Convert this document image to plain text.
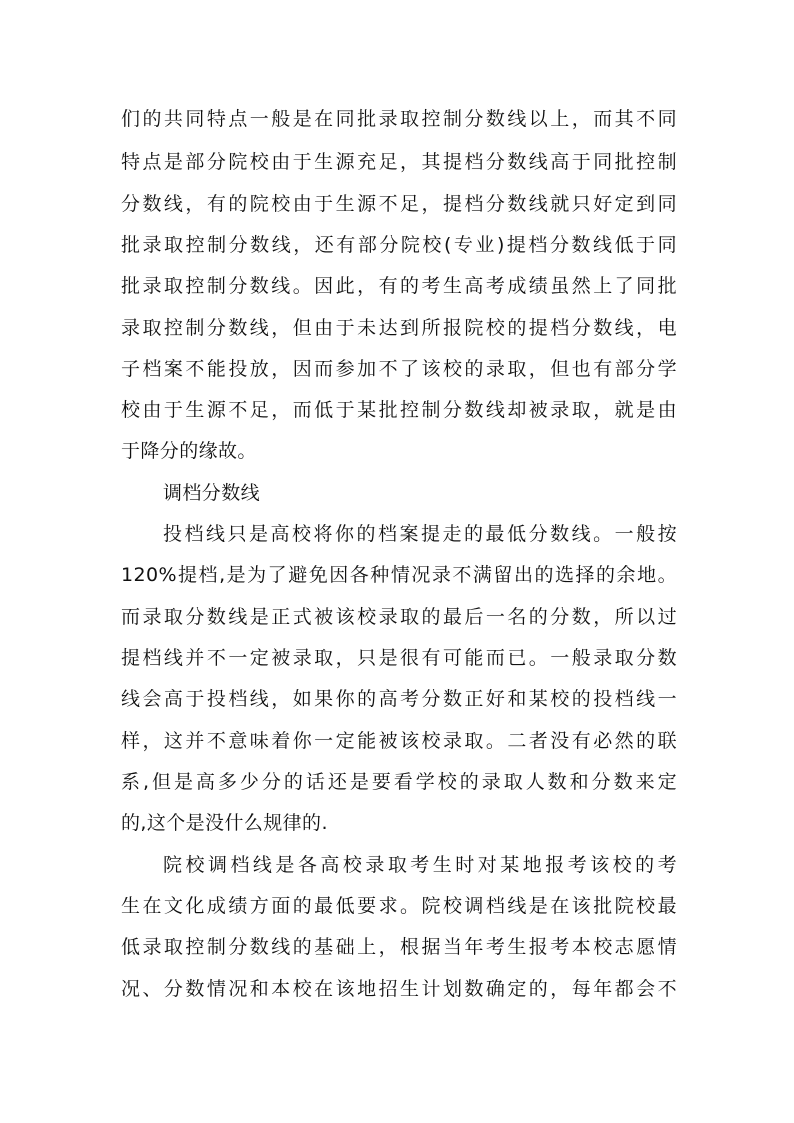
们的共同特点一般是在同批录取控制分数线以上，而其不同
特点是部分院校由于生源充足，其提档分数线高于同批控制
分数线，有的院校由于生源不足，提档分数线就只好定到同
批录取控制分数线，还有部分院校(专业)提档分数线低于同
批录取控制分数线。因此，有的考生高考成绩虽然上了同批
录取控制分数线，但由于未达到所报院校的提档分数线，电
子档案不能投放，因而参加不了该校的录取，但也有部分学
校由于生源不足，而低于某批控制分数线却被录取，就是由
于降分的缘故。
调档分数线
投档线只是高校将你的档案提走的最低分数线。一般按
120%提档,是为了避免因各种情况录不满留出的选择的余地。
而录取分数线是正式被该校录取的最后一名的分数，所以过
提档线并不一定被录取，只是很有可能而已。一般录取分数
线会高于投档线，如果你的高考分数正好和某校的投档线一
样，这并不意味着你一定能被该校录取。二者没有必然的联
系,但是高多少分的话还是要看学校的录取人数和分数来定
的,这个是没什么规律的.
院校调档线是各高校录取考生时对某地报考该校的考
生在文化成绩方面的最低要求。院校调档线是在该批院校最
低录取控制分数线的基础上，根据当年考生报考本校志愿情
况、分数情况和本校在该地招生计划数确定的，每年都会不
